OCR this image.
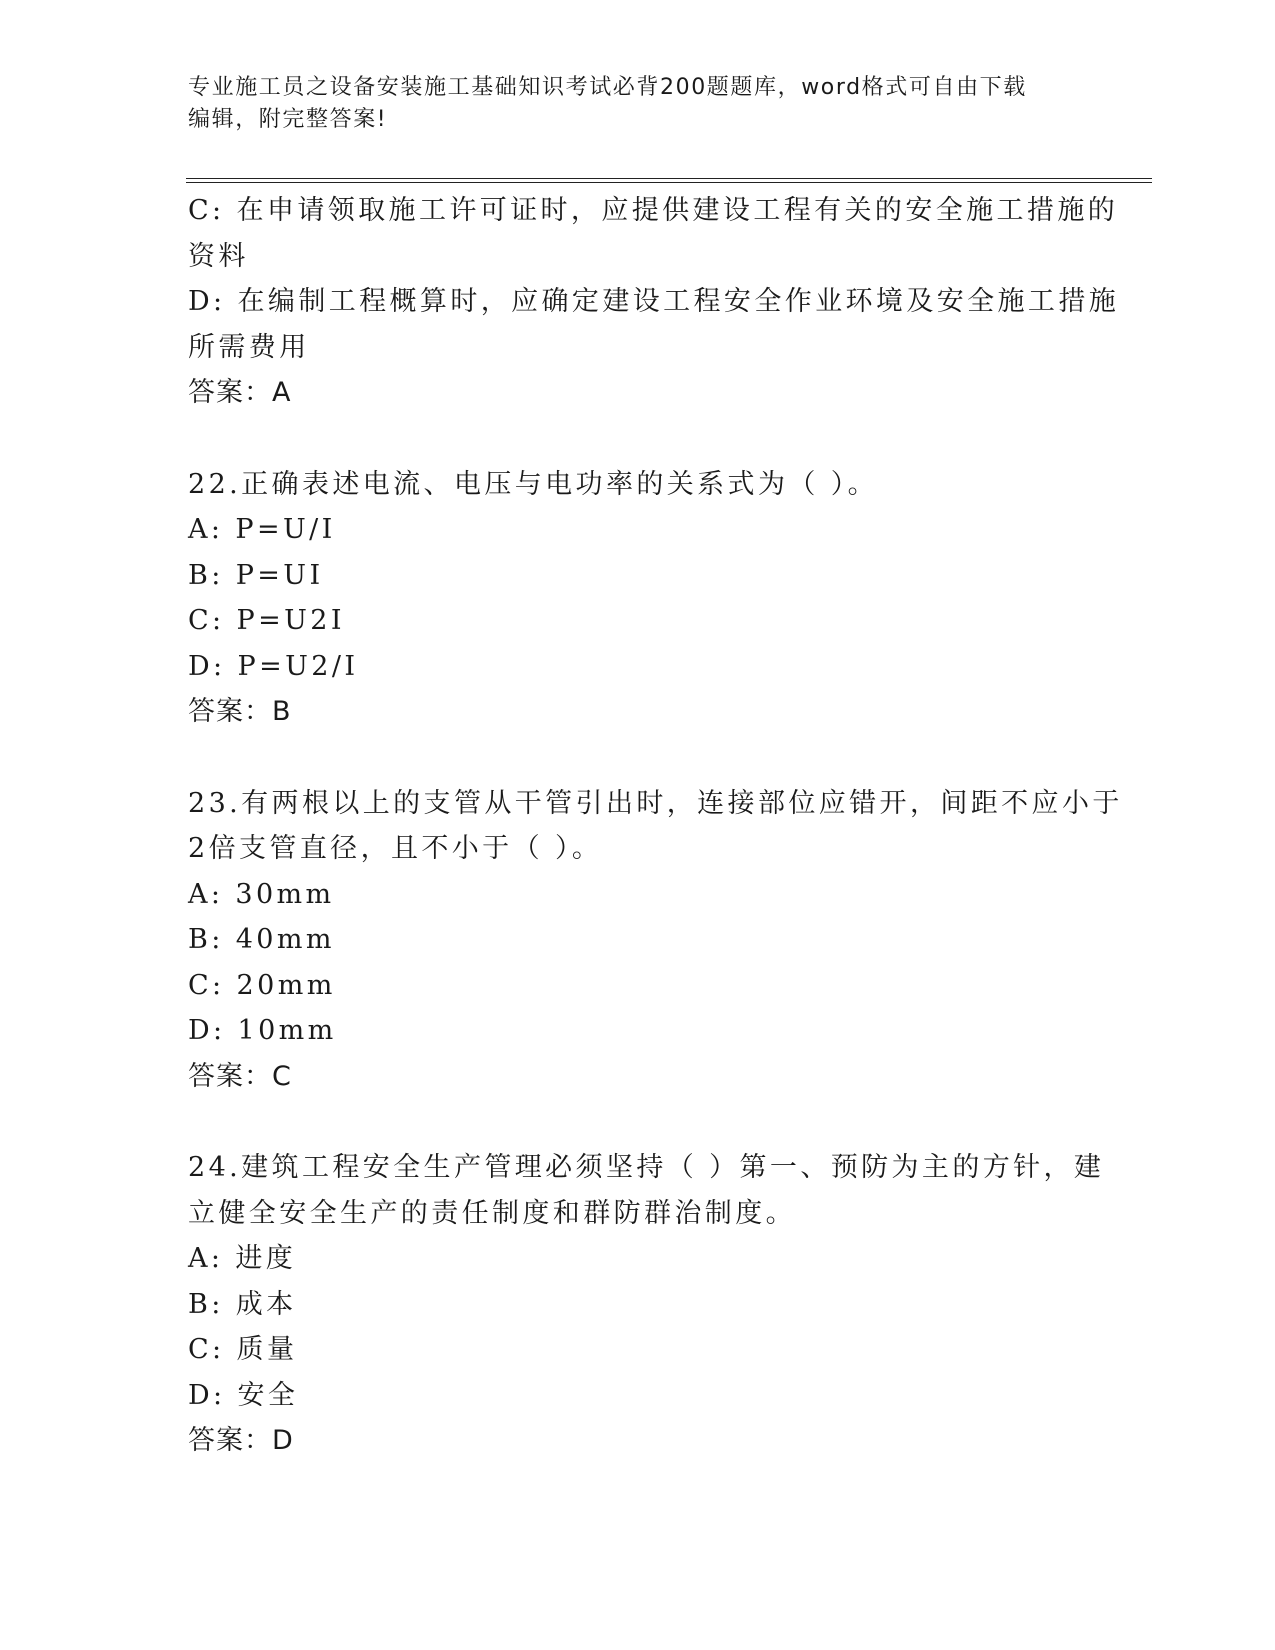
专业施工员之设备安装施工基础知识考试必背200题题库，word格式可自由下载
编辑，附完整答案!
C: 在申请领取施工许可证时，应提供建设工程有关的安全施工措施的
资料
D: 在编制工程概算时，应确定建设工程安全作业环境及安全施工措施
所需费用
答案：A
22.正确表述电流、电压与电功率的关系式为（ ）。
A: P=U/I
B: P=UI
C: P=U2I
D: P=U2/I
答案：B
23.有两根以上的支管从干管引出时，连接部位应错开，间距不应小于
2倍支管直径，且不小于（ ）。
A: 30mm
B: 40mm
C: 20mm
D: 10mm
答案：C
24.建筑工程安全生产管理必须坚持（ ）第一、预防为主的方针，建
立健全安全生产的责任制度和群防群治制度。
A: 进度
B: 成本
C: 质量
D: 安全
答案：D
